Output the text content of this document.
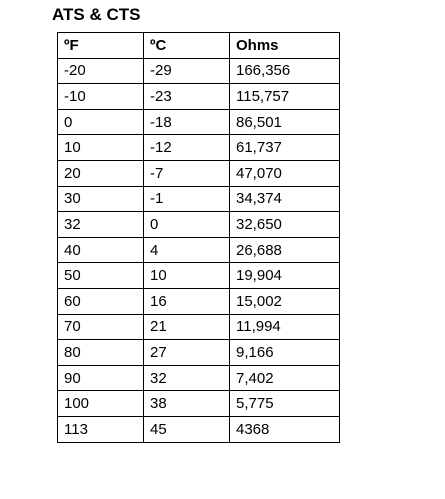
ATS & CTS
ºF	ºC	Ohms
-20	-29	166,356
-10	-23	115,757
0	-18	86,501
10	-12	61,737
20	-7	47,070
30	-1	34,374
32	0	32,650
40	4	26,688
50	10	19,904
60	16	15,002
70	21	11,994
80	27	9,166
90	32	7,402
100	38	5,775
113	45	4368
